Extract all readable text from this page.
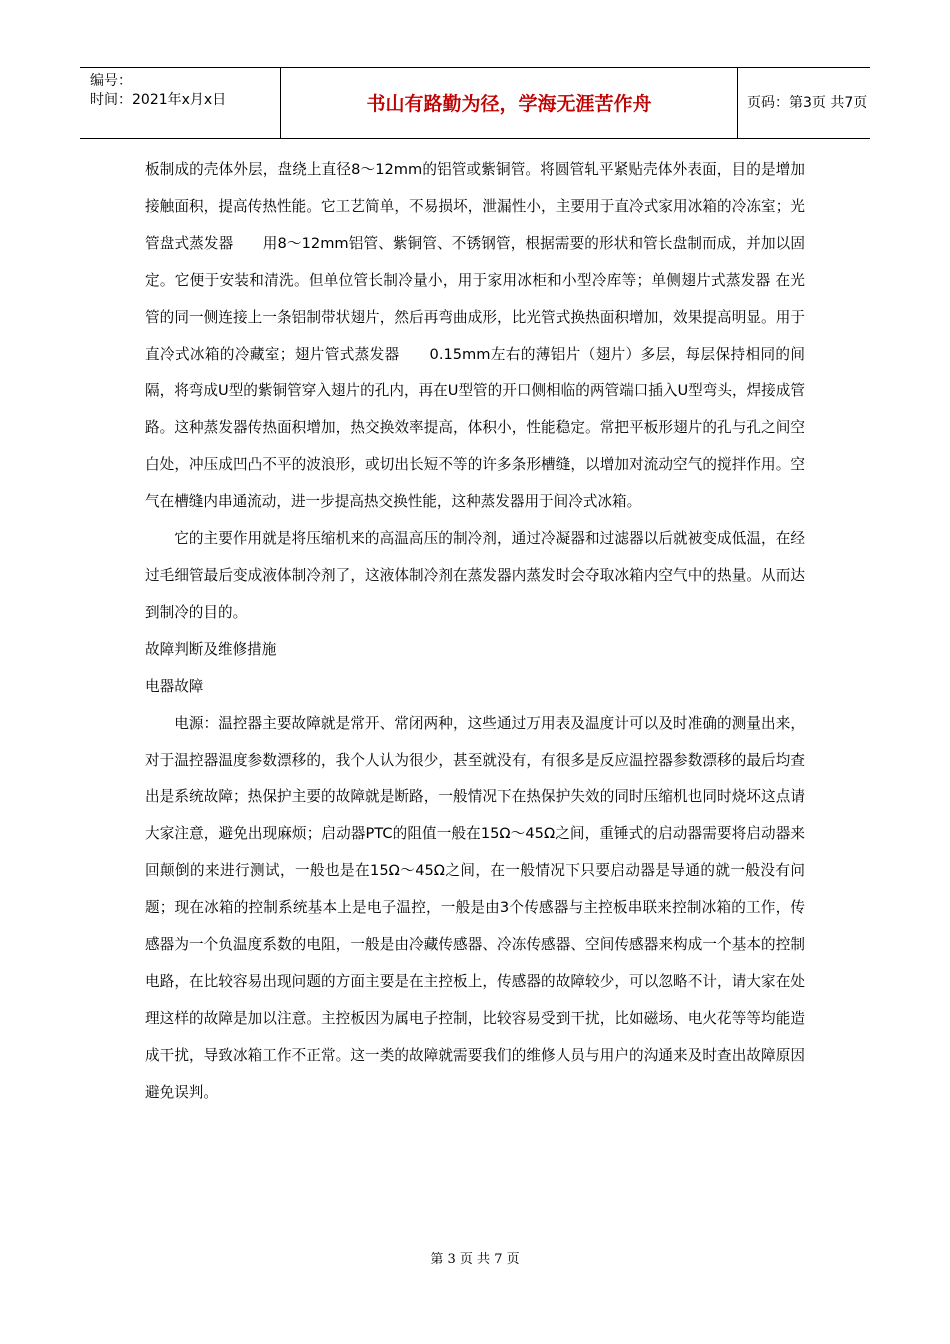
编号：
时间：2021年x月x日	书山有路勤为径，学海无涯苦作舟	页码：第3页 共7页

板制成的壳体外层，盘绕上直径8～12mm的铝管或紫铜管。将圆管轧平紧贴壳体外表面，目的是增加接触面积，提高传热性能。它工艺简单，不易损坏，泄漏性小，主要用于直冷式家用冰箱的冷冻室；光管盘式蒸发器　　用8～12mm铝管、紫铜管、不锈钢管，根据需要的形状和管长盘制而成，并加以固定。它便于安装和清洗。但单位管长制冷量小，用于家用冰柜和小型冷库等；单侧翅片式蒸发器 在光管的同一侧连接上一条铝制带状翅片，然后再弯曲成形，比光管式换热面积增加，效果提高明显。用于直冷式冰箱的冷藏室；翅片管式蒸发器　　0.15mm左右的薄铝片（翅片）多层，每层保持相同的间隔，将弯成U型的紫铜管穿入翅片的孔内，再在U型管的开口侧相临的两管端口插入U型弯头，焊接成管路。这种蒸发器传热面积增加，热交换效率提高，体积小，性能稳定。常把平板形翅片的孔与孔之间空白处，冲压成凹凸不平的波浪形，或切出长短不等的许多条形槽缝，以增加对流动空气的搅拌作用。空气在槽缝内串通流动，进一步提高热交换性能，这种蒸发器用于间冷式冰箱。

它的主要作用就是将压缩机来的高温高压的制冷剂，通过冷凝器和过滤器以后就被变成低温，在经过毛细管最后变成液体制冷剂了，这液体制冷剂在蒸发器内蒸发时会夺取冰箱内空气中的热量。从而达到制冷的目的。

故障判断及维修措施

电器故障

电源：温控器主要故障就是常开、常闭两种，这些通过万用表及温度计可以及时准确的测量出来，对于温控器温度参数漂移的，我个人认为很少，甚至就没有，有很多是反应温控器参数漂移的最后均查出是系统故障；热保护主要的故障就是断路，一般情况下在热保护失效的同时压缩机也同时烧坏这点请大家注意，避免出现麻烦；启动器PTC的阻值一般在15Ω～45Ω之间，重锤式的启动器需要将启动器来回颠倒的来进行测试，一般也是在15Ω～45Ω之间，在一般情况下只要启动器是导通的就一般没有问题；现在冰箱的控制系统基本上是电子温控，一般是由3个传感器与主控板串联来控制冰箱的工作，传感器为一个负温度系数的电阻，一般是由冷藏传感器、冷冻传感器、空间传感器来构成一个基本的控制电路，在比较容易出现问题的方面主要是在主控板上，传感器的故障较少，可以忽略不计，请大家在处理这样的故障是加以注意。主控板因为属电子控制，比较容易受到干扰，比如磁场、电火花等等均能造成干扰，导致冰箱工作不正常。这一类的故障就需要我们的维修人员与用户的沟通来及时查出故障原因避免误判。

第 3 页 共 7 页
